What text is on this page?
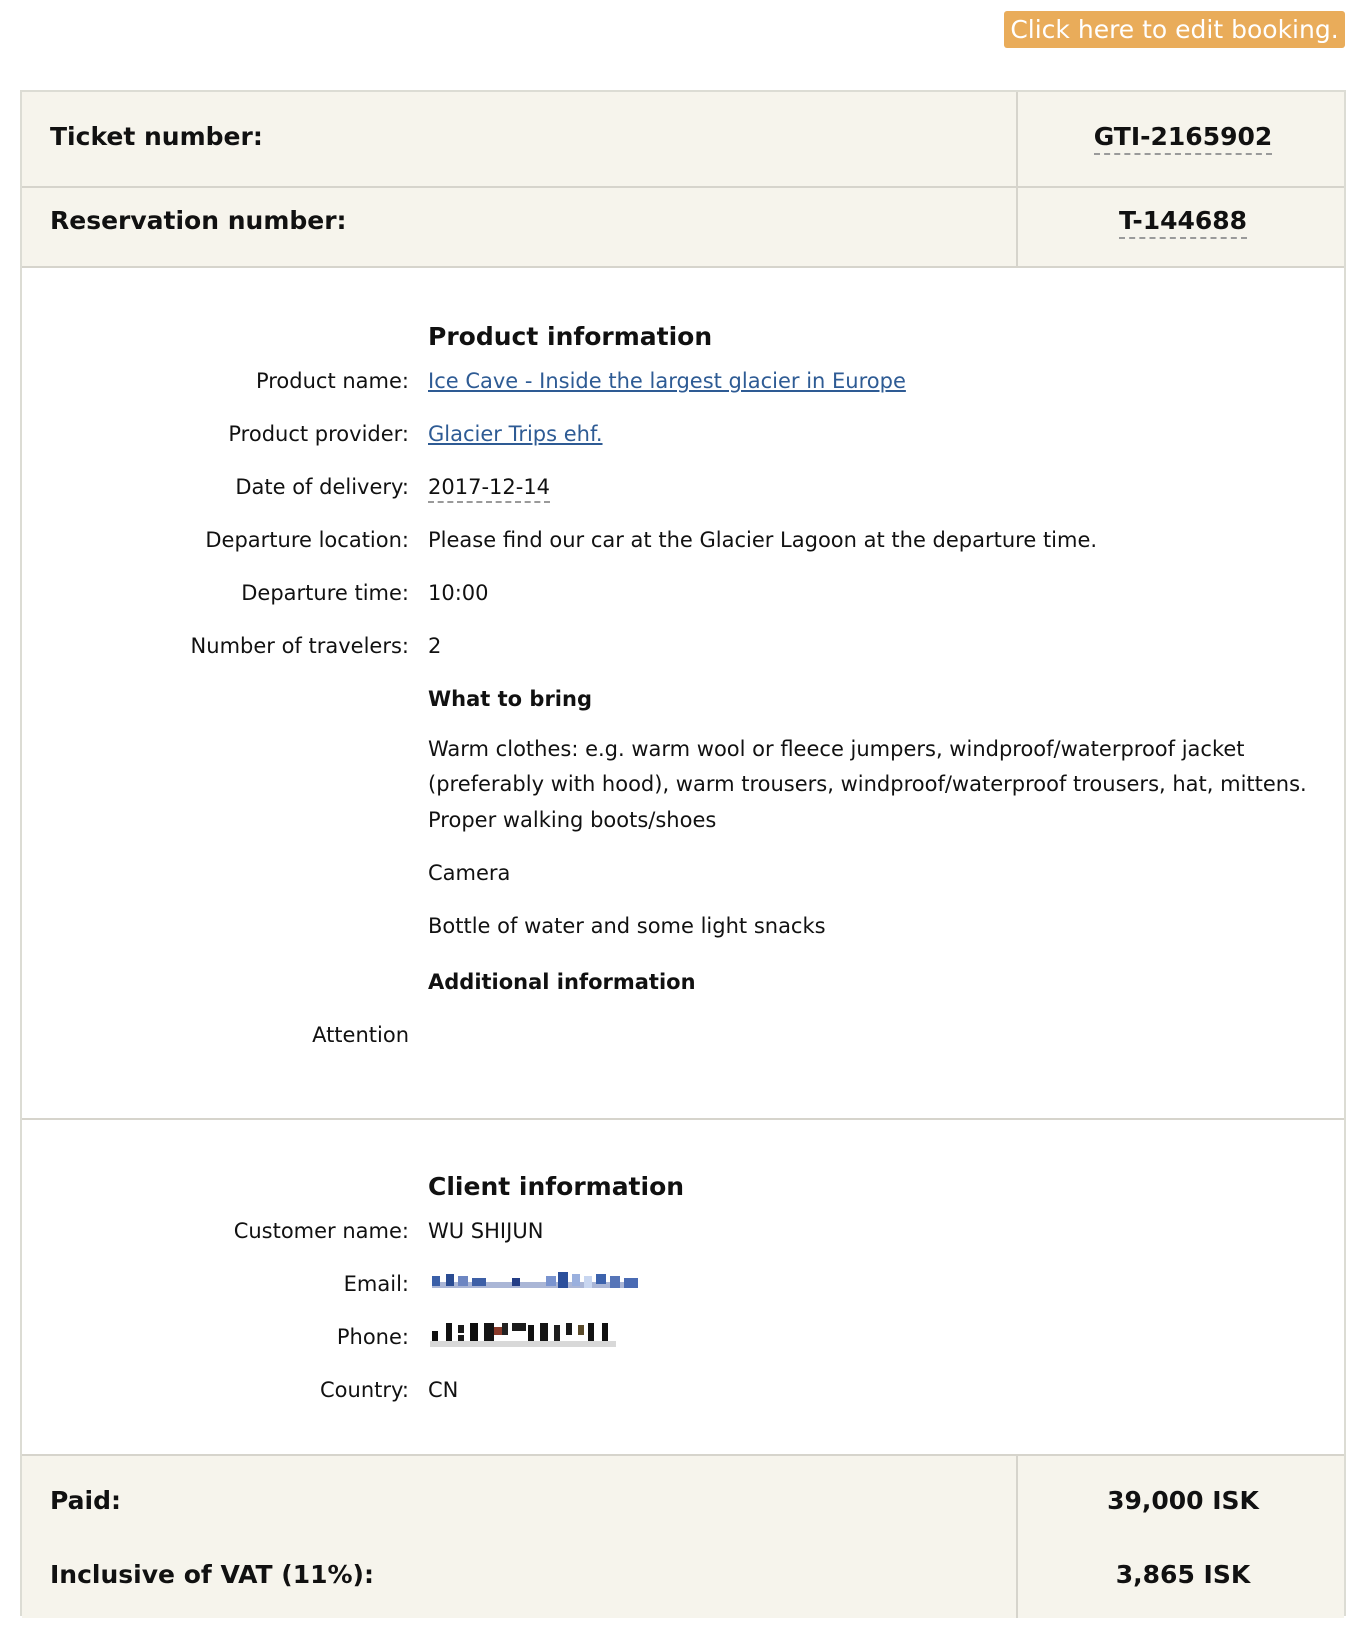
Click here to edit booking.
Ticket number:	GTI-2165902
Reservation number:	T-144688
Product information
Product name: Ice Cave - Inside the largest glacier in Europe
Product provider: Glacier Trips ehf.
Date of delivery: 2017-12-14
Departure location: Please find our car at the Glacier Lagoon at the departure time.
Departure time: 10:00
Number of travelers: 2
What to bring
Warm clothes: e.g. warm wool or fleece jumpers, windproof/waterproof jacket (preferably with hood), warm trousers, windproof/waterproof trousers, hat, mittens.
Proper walking boots/shoes
Camera
Bottle of water and some light snacks
Additional information
Attention
Client information
Customer name: WU SHIJUN
Email:
Phone:
Country: CN
Paid:	39,000 ISK
Inclusive of VAT (11%):	3,865 ISK
